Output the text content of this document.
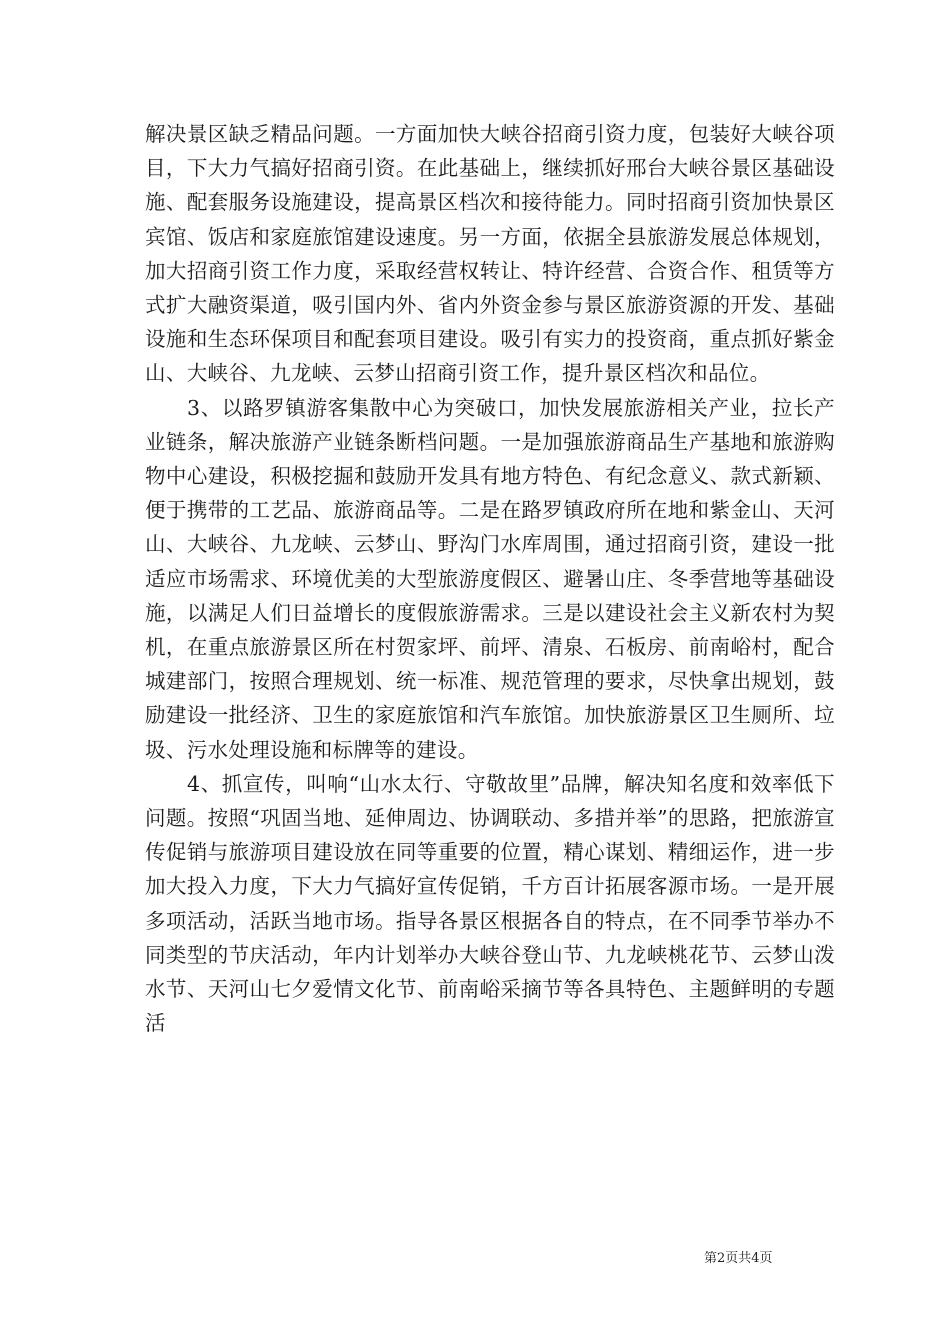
解决景区缺乏精品问题。一方面加快大峡谷招商引资力度，包装好大峡谷项目，下大力气搞好招商引资。在此基础上，继续抓好邢台大峡谷景区基础设施、配套服务设施建设，提高景区档次和接待能力。同时招商引资加快景区宾馆、饭店和家庭旅馆建设速度。另一方面，依据全县旅游发展总体规划，加大招商引资工作力度，采取经营权转让、特许经营、合资合作、租赁等方式扩大融资渠道，吸引国内外、省内外资金参与景区旅游资源的开发、基础设施和生态环保项目和配套项目建设。吸引有实力的投资商，重点抓好紫金山、大峡谷、九龙峡、云梦山招商引资工作，提升景区档次和品位。

3、以路罗镇游客集散中心为突破口，加快发展旅游相关产业，拉长产业链条，解决旅游产业链条断档问题。一是加强旅游商品生产基地和旅游购物中心建设，积极挖掘和鼓励开发具有地方特色、有纪念意义、款式新颖、便于携带的工艺品、旅游商品等。二是在路罗镇政府所在地和紫金山、天河山、大峡谷、九龙峡、云梦山、野沟门水库周围，通过招商引资，建设一批适应市场需求、环境优美的大型旅游度假区、避暑山庄、冬季营地等基础设施，以满足人们日益增长的度假旅游需求。三是以建设社会主义新农村为契机，在重点旅游景区所在村贺家坪、前坪、清泉、石板房、前南峪村，配合城建部门，按照合理规划、统一标准、规范管理的要求，尽快拿出规划，鼓励建设一批经济、卫生的家庭旅馆和汽车旅馆。加快旅游景区卫生厕所、垃圾、污水处理设施和标牌等的建设。

4、抓宣传，叫响“山水太行、守敬故里”品牌，解决知名度和效率低下问题。按照“巩固当地、延伸周边、协调联动、多措并举”的思路，把旅游宣传促销与旅游项目建设放在同等重要的位置，精心谋划、精细运作，进一步加大投入力度，下大力气搞好宣传促销，千方百计拓展客源市场。一是开展多项活动，活跃当地市场。指导各景区根据各自的特点，在不同季节举办不同类型的节庆活动，年内计划举办大峡谷登山节、九龙峡桃花节、云梦山泼水节、天河山七夕爱情文化节、前南峪采摘节等各具特色、主题鲜明的专题活

第2页共4页
